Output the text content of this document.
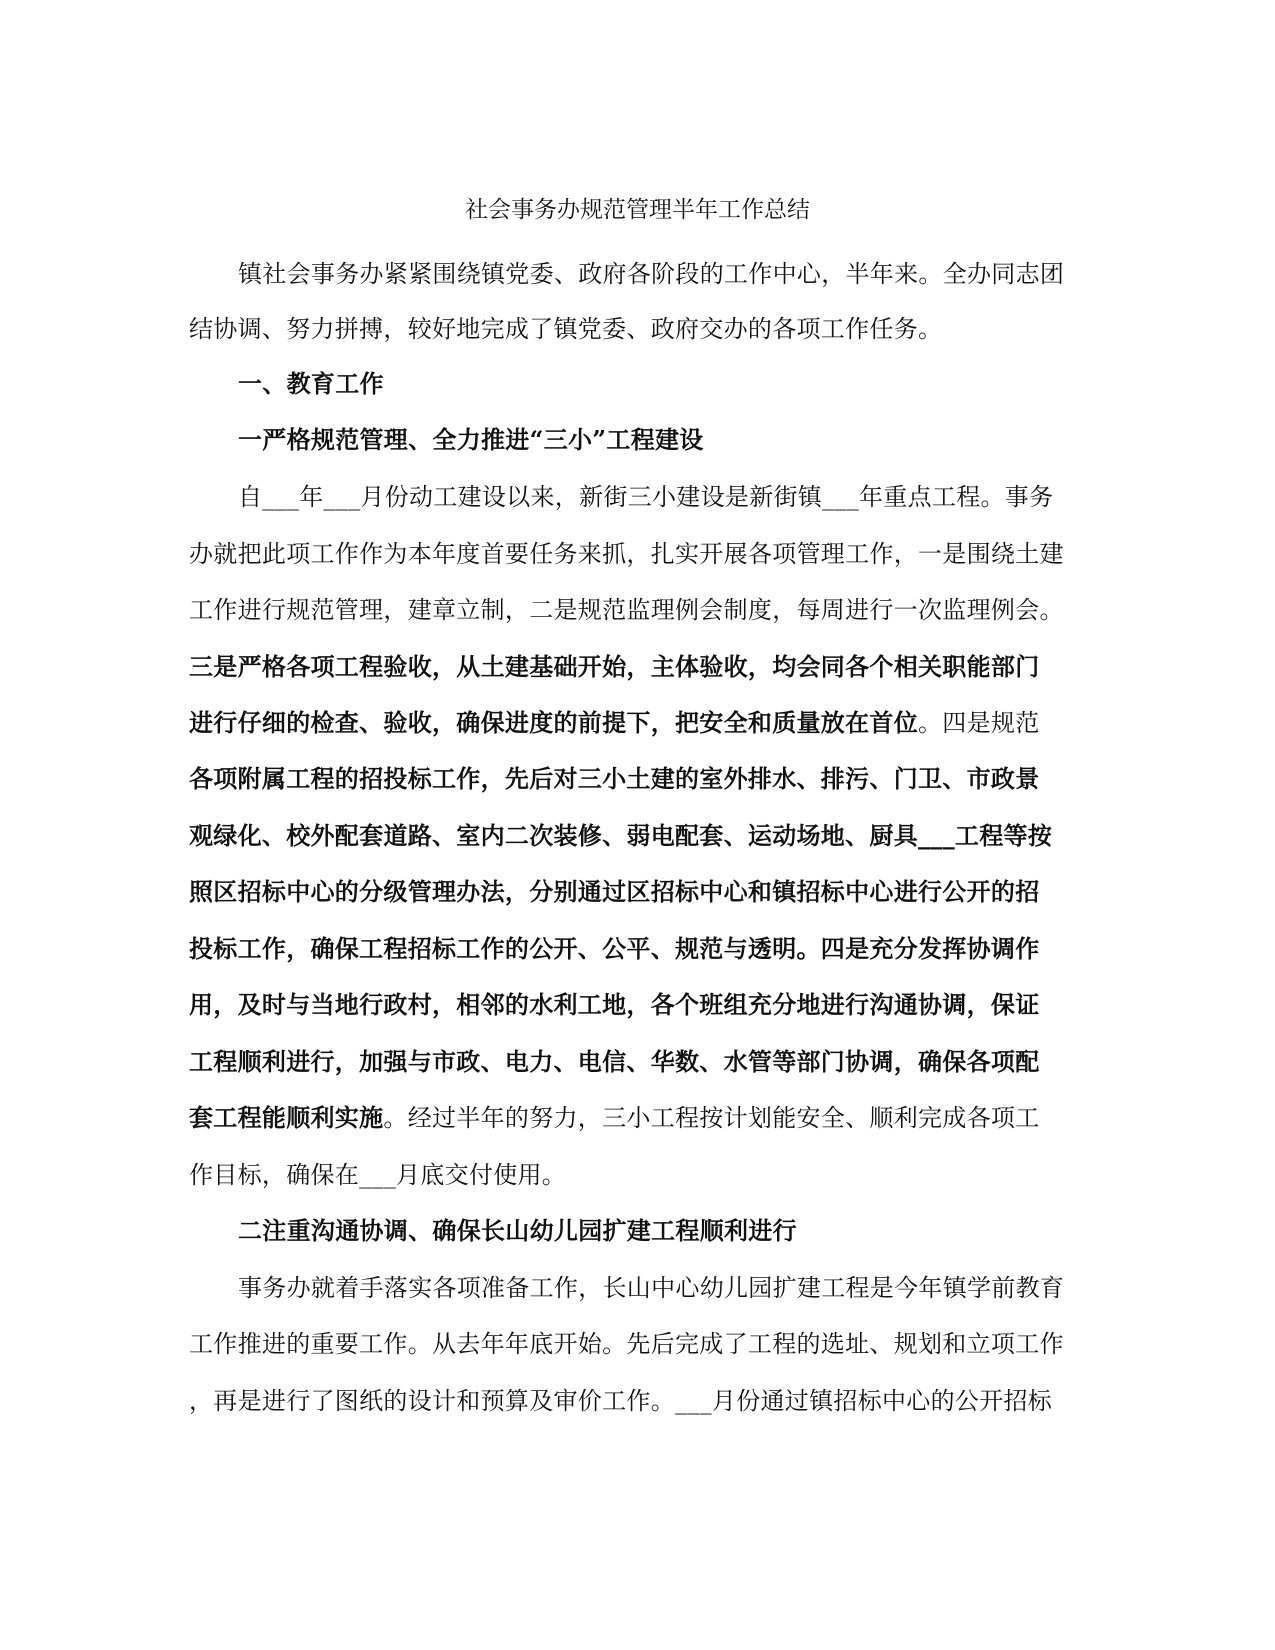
社会事务办规范管理半年工作总结
镇社会事务办紧紧围绕镇党委、政府各阶段的工作中心，半年来。全办同志团
结协调、努力拼搏，较好地完成了镇党委、政府交办的各项工作任务。
一、教育工作
一严格规范管理、全力推进“三小”工程建设
自___年___月份动工建设以来，新街三小建设是新街镇___年重点工程。事务
办就把此项工作作为本年度首要任务来抓，扎实开展各项管理工作，一是围绕土建
工作进行规范管理，建章立制，二是规范监理例会制度，每周进行一次监理例会。
三是严格各项工程验收，从土建基础开始，主体验收，均会同各个相关职能部门
进行仔细的检查、验收，确保进度的前提下，把安全和质量放在首位。四是规范
各项附属工程的招投标工作，先后对三小土建的室外排水、排污、门卫、市政景
观绿化、校外配套道路、室内二次装修、弱电配套、运动场地、厨具___工程等按
照区招标中心的分级管理办法，分别通过区招标中心和镇招标中心进行公开的招
投标工作，确保工程招标工作的公开、公平、规范与透明。四是充分发挥协调作
用，及时与当地行政村，相邻的水利工地，各个班组充分地进行沟通协调，保证
工程顺利进行，加强与市政、电力、电信、华数、水管等部门协调，确保各项配
套工程能顺利实施。经过半年的努力，三小工程按计划能安全、顺利完成各项工
作目标，确保在___月底交付使用。
二注重沟通协调、确保长山幼儿园扩建工程顺利进行
事务办就着手落实各项准备工作，长山中心幼儿园扩建工程是今年镇学前教育
工作推进的重要工作。从去年年底开始。先后完成了工程的选址、规划和立项工作
，再是进行了图纸的设计和预算及审价工作。___月份通过镇招标中心的公开招标
